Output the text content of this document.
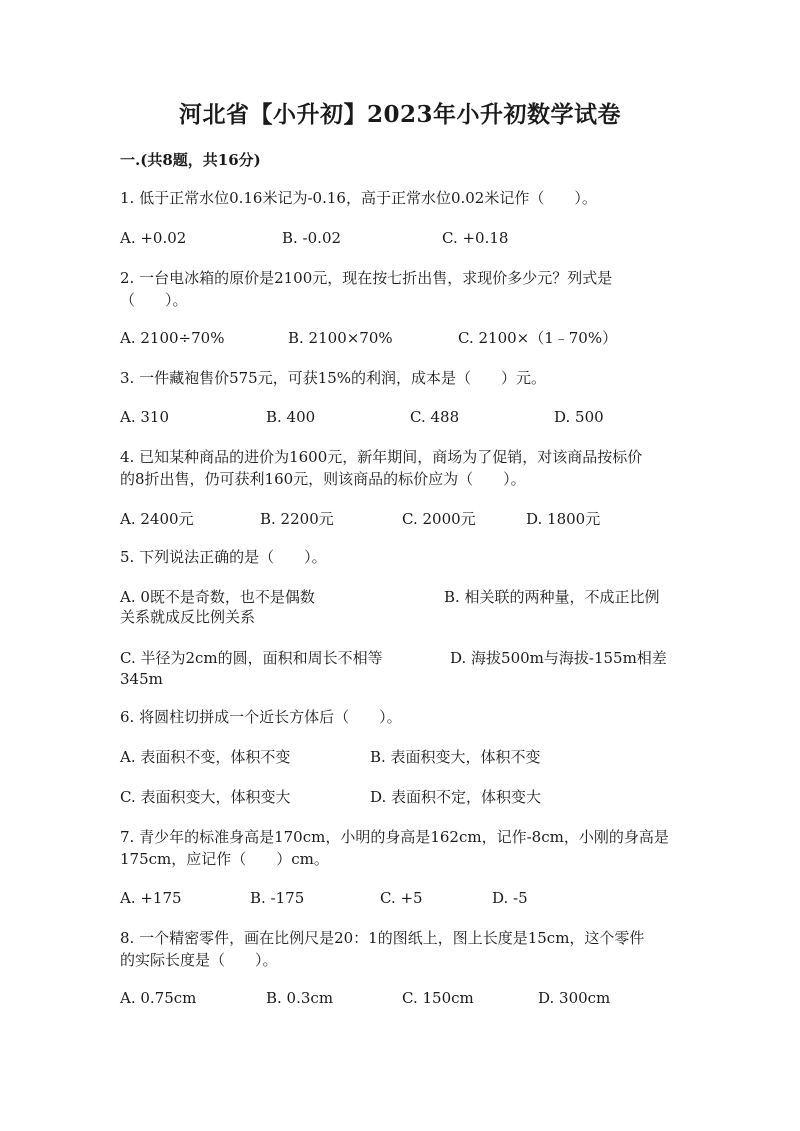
河北省【小升初】2023年小升初数学试卷
一.(共8题，共16分)
1. 低于正常水位0.16米记为-0.16，高于正常水位0.02米记作（　　）。
A. +0.02	B. -0.02	C. +0.18
2. 一台电冰箱的原价是2100元，现在按七折出售，求现价多少元？列式是
（　　）。
A. 2100÷70%	B. 2100×70%	C. 2100×（1﹣70%）
3. 一件藏袍售价575元，可获15%的利润，成本是（　　）元。
A. 310	B. 400	C. 488	D. 500
4. 已知某种商品的进价为1600元，新年期间，商场为了促销，对该商品按标价
的8折出售，仍可获利160元，则该商品的标价应为（　　）。
A. 2400元	B. 2200元	C. 2000元	D. 1800元
5. 下列说法正确的是（　　）。
A. 0既不是奇数，也不是偶数	B. 相关联的两种量，不成正比例
关系就成反比例关系
C. 半径为2cm的圆，面积和周长不相等	D. 海拔500m与海拔-155m相差
345m
6. 将圆柱切拼成一个近长方体后（　　）。
A. 表面积不变，体积不变	B. 表面积变大，体积不变
C. 表面积变大，体积变大	D. 表面积不定，体积变大
7. 青少年的标准身高是170cm，小明的身高是162cm，记作-8cm，小刚的身高是
175cm，应记作（　　）cm。
A. +175	B. -175	C. +5	D. -5
8. 一个精密零件，画在比例尺是20：1的图纸上，图上长度是15cm，这个零件
的实际长度是（　　）。
A. 0.75cm	B. 0.3cm	C. 150cm	D. 300cm
